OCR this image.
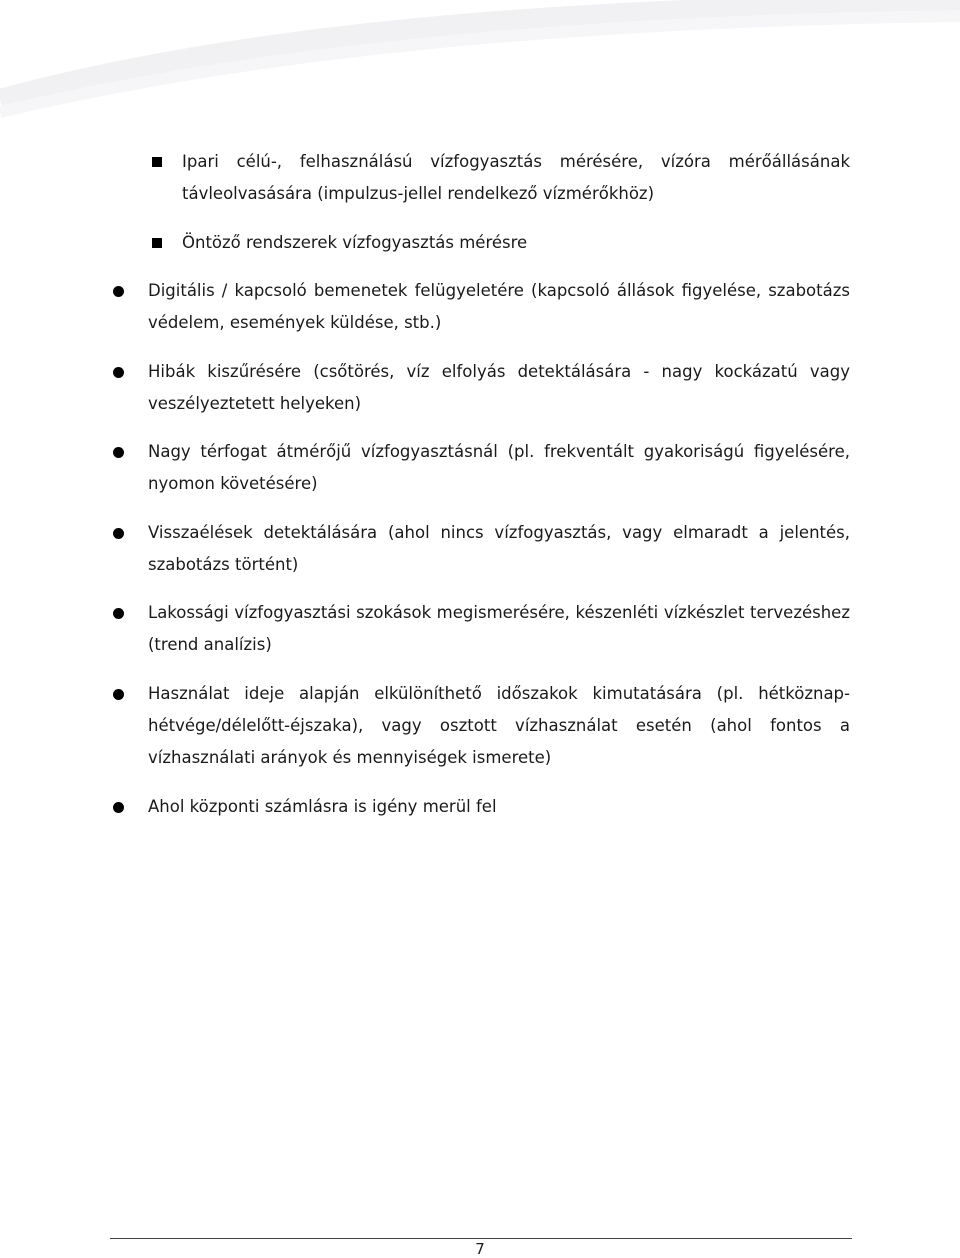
Ipari célú-, felhasználású vízfogyasztás mérésére, vízóra mérőállásának távleolvasására (impulzus-jellel rendelkező vízmérőkhöz)
Öntöző rendszerek vízfogyasztás mérésre
Digitális / kapcsoló bemenetek felügyeletére (kapcsoló állások figyelése, szabotázs védelem, események küldése, stb.)
Hibák kiszűrésére (csőtörés, víz elfolyás detektálására - nagy kockázatú vagy veszélyeztetett helyeken)
Nagy térfogat átmérőjű vízfogyasztásnál (pl. frekventált gyakoriságú figyelésére, nyomon követésére)
Visszaélések detektálására (ahol nincs vízfogyasztás, vagy elmaradt a jelentés, szabotázs történt)
Lakossági vízfogyasztási szokások megismerésére, készenléti vízkészlet tervezéshez (trend analízis)
Használat ideje alapján elkülöníthető időszakok kimutatására (pl. hétköznap-hétvége/délelőtt-éjszaka), vagy osztott vízhasználat esetén (ahol fontos a vízhasználati arányok és mennyiségek ismerete)
Ahol központi számlásra is igény merül fel
7
